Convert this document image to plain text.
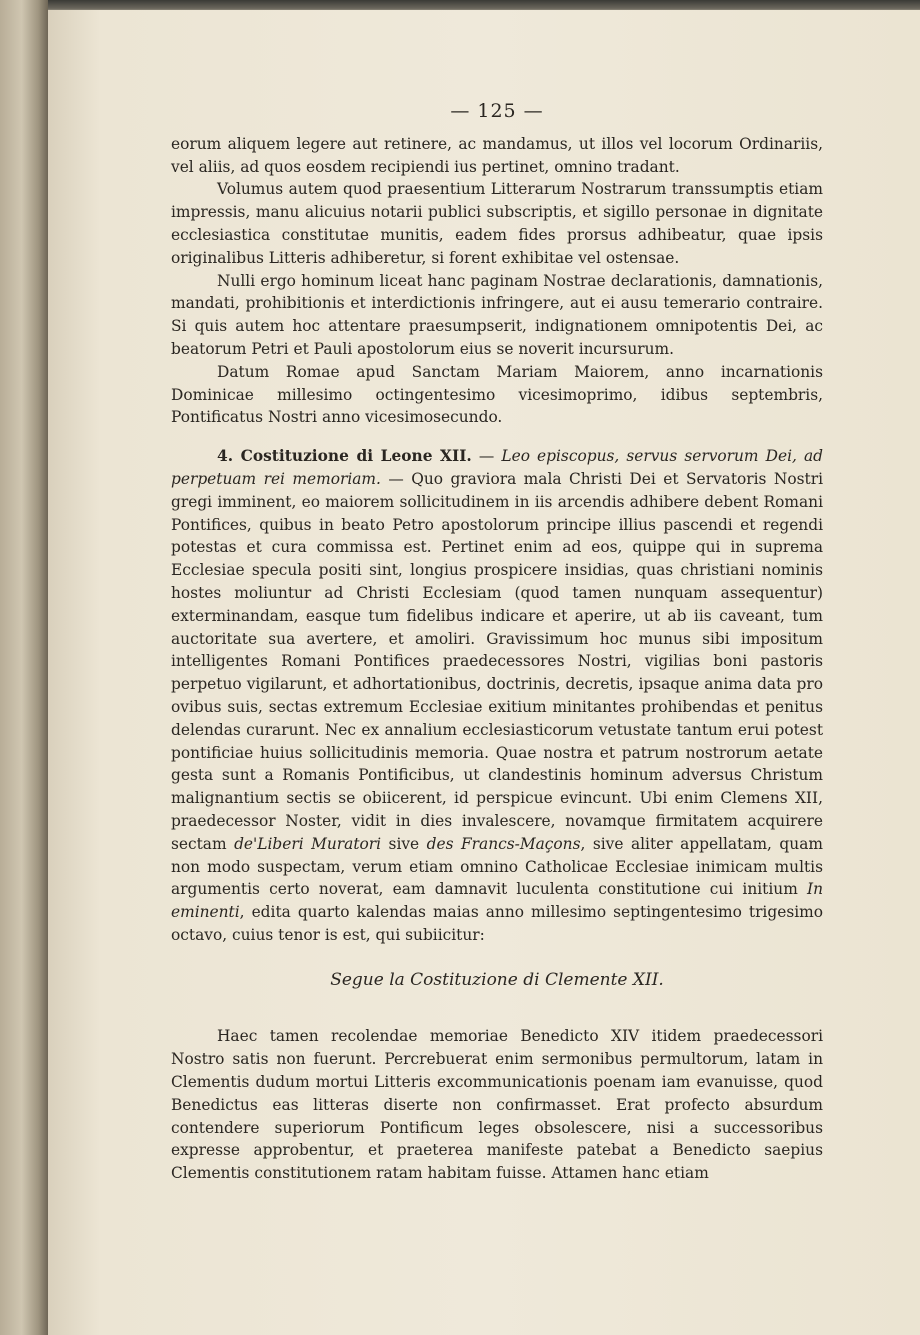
— 125 —

eorum aliquem legere aut retinere, ac mandamus, ut illos vel locorum Ordinariis, vel aliis, ad quos eosdem recipiendi ius pertinet, omnino tradant.

Volumus autem quod praesentium Litterarum Nostrarum transsumptis etiam impressis, manu alicuius notarii publici subscriptis, et sigillo personae in dignitate ecclesiastica constitutae munitis, eadem fides prorsus adhibeatur, quae ipsis originalibus Litteris adhiberetur, si forent exhibitae vel ostensae.

Nulli ergo hominum liceat hanc paginam Nostrae declarationis, damnationis, mandati, prohibitionis et interdictionis infringere, aut ei ausu temerario contraire. Si quis autem hoc attentare praesumpserit, indignationem omnipotentis Dei, ac beatorum Petri et Pauli apostolorum eius se noverit incursurum.

Datum Romae apud Sanctam Mariam Maiorem, anno incarnationis Dominicae millesimo octingentesimo vicesimoprimo, idibus septembris, Pontificatus Nostri anno vicesimosecundo.

4. Costituzione di Leone XII. — Leo episcopus, servus servorum Dei, ad perpetuam rei memoriam. — Quo graviora mala Christi Dei et Servatoris Nostri gregi imminent, eo maiorem sollicitudinem in iis arcendis adhibere debent Romani Pontifices, quibus in beato Petro apostolorum principe illius pascendi et regendi potestas et cura commissa est. Pertinet enim ad eos, quippe qui in suprema Ecclesiae specula positi sint, longius prospicere insidias, quas christiani nominis hostes moliuntur ad Christi Ecclesiam (quod tamen nunquam assequentur) exterminandam, easque tum fidelibus indicare et aperire, ut ab iis caveant, tum auctoritate sua avertere, et amoliri. Gravissimum hoc munus sibi impositum intelligentes Romani Pontifices praedecessores Nostri, vigilias boni pastoris perpetuo vigilarunt, et adhortationibus, doctrinis, decretis, ipsaque anima data pro ovibus suis, sectas extremum Ecclesiae exitium minitantes prohibendas et penitus delendas curarunt. Nec ex annalium ecclesiasticorum vetustate tantum erui potest pontificiae huius sollicitudinis memoria. Quae nostra et patrum nostrorum aetate gesta sunt a Romanis Pontificibus, ut clandestinis hominum adversus Christum malignantium sectis se obiicerent, id perspicue evincunt. Ubi enim Clemens XII, praedecessor Noster, vidit in dies invalescere, novamque firmitatem acquirere sectam de'Liberi Muratori sive des Francs-Maçons, sive aliter appellatam, quam non modo suspectam, verum etiam omnino Catholicae Ecclesiae inimicam multis argumentis certo noverat, eam damnavit luculenta constitutione cui initium In eminenti, edita quarto kalendas maias anno millesimo septingentesimo trigesimo octavo, cuius tenor is est, qui subiicitur:

Segue la Costituzione di Clemente XII.

Haec tamen recolendae memoriae Benedicto XIV itidem praedecessori Nostro satis non fuerunt. Percrebuerat enim sermonibus permultorum, latam in Clementis dudum mortui Litteris excommunicationis poenam iam evanuisse, quod Benedictus eas litteras diserte non confirmasset. Erat profecto absurdum contendere superiorum Pontificum leges obsolescere, nisi a successoribus expresse approbentur, et praeterea manifeste patebat a Benedicto saepius Clementis constitutionem ratam habitam fuisse. Attamen hanc etiam
